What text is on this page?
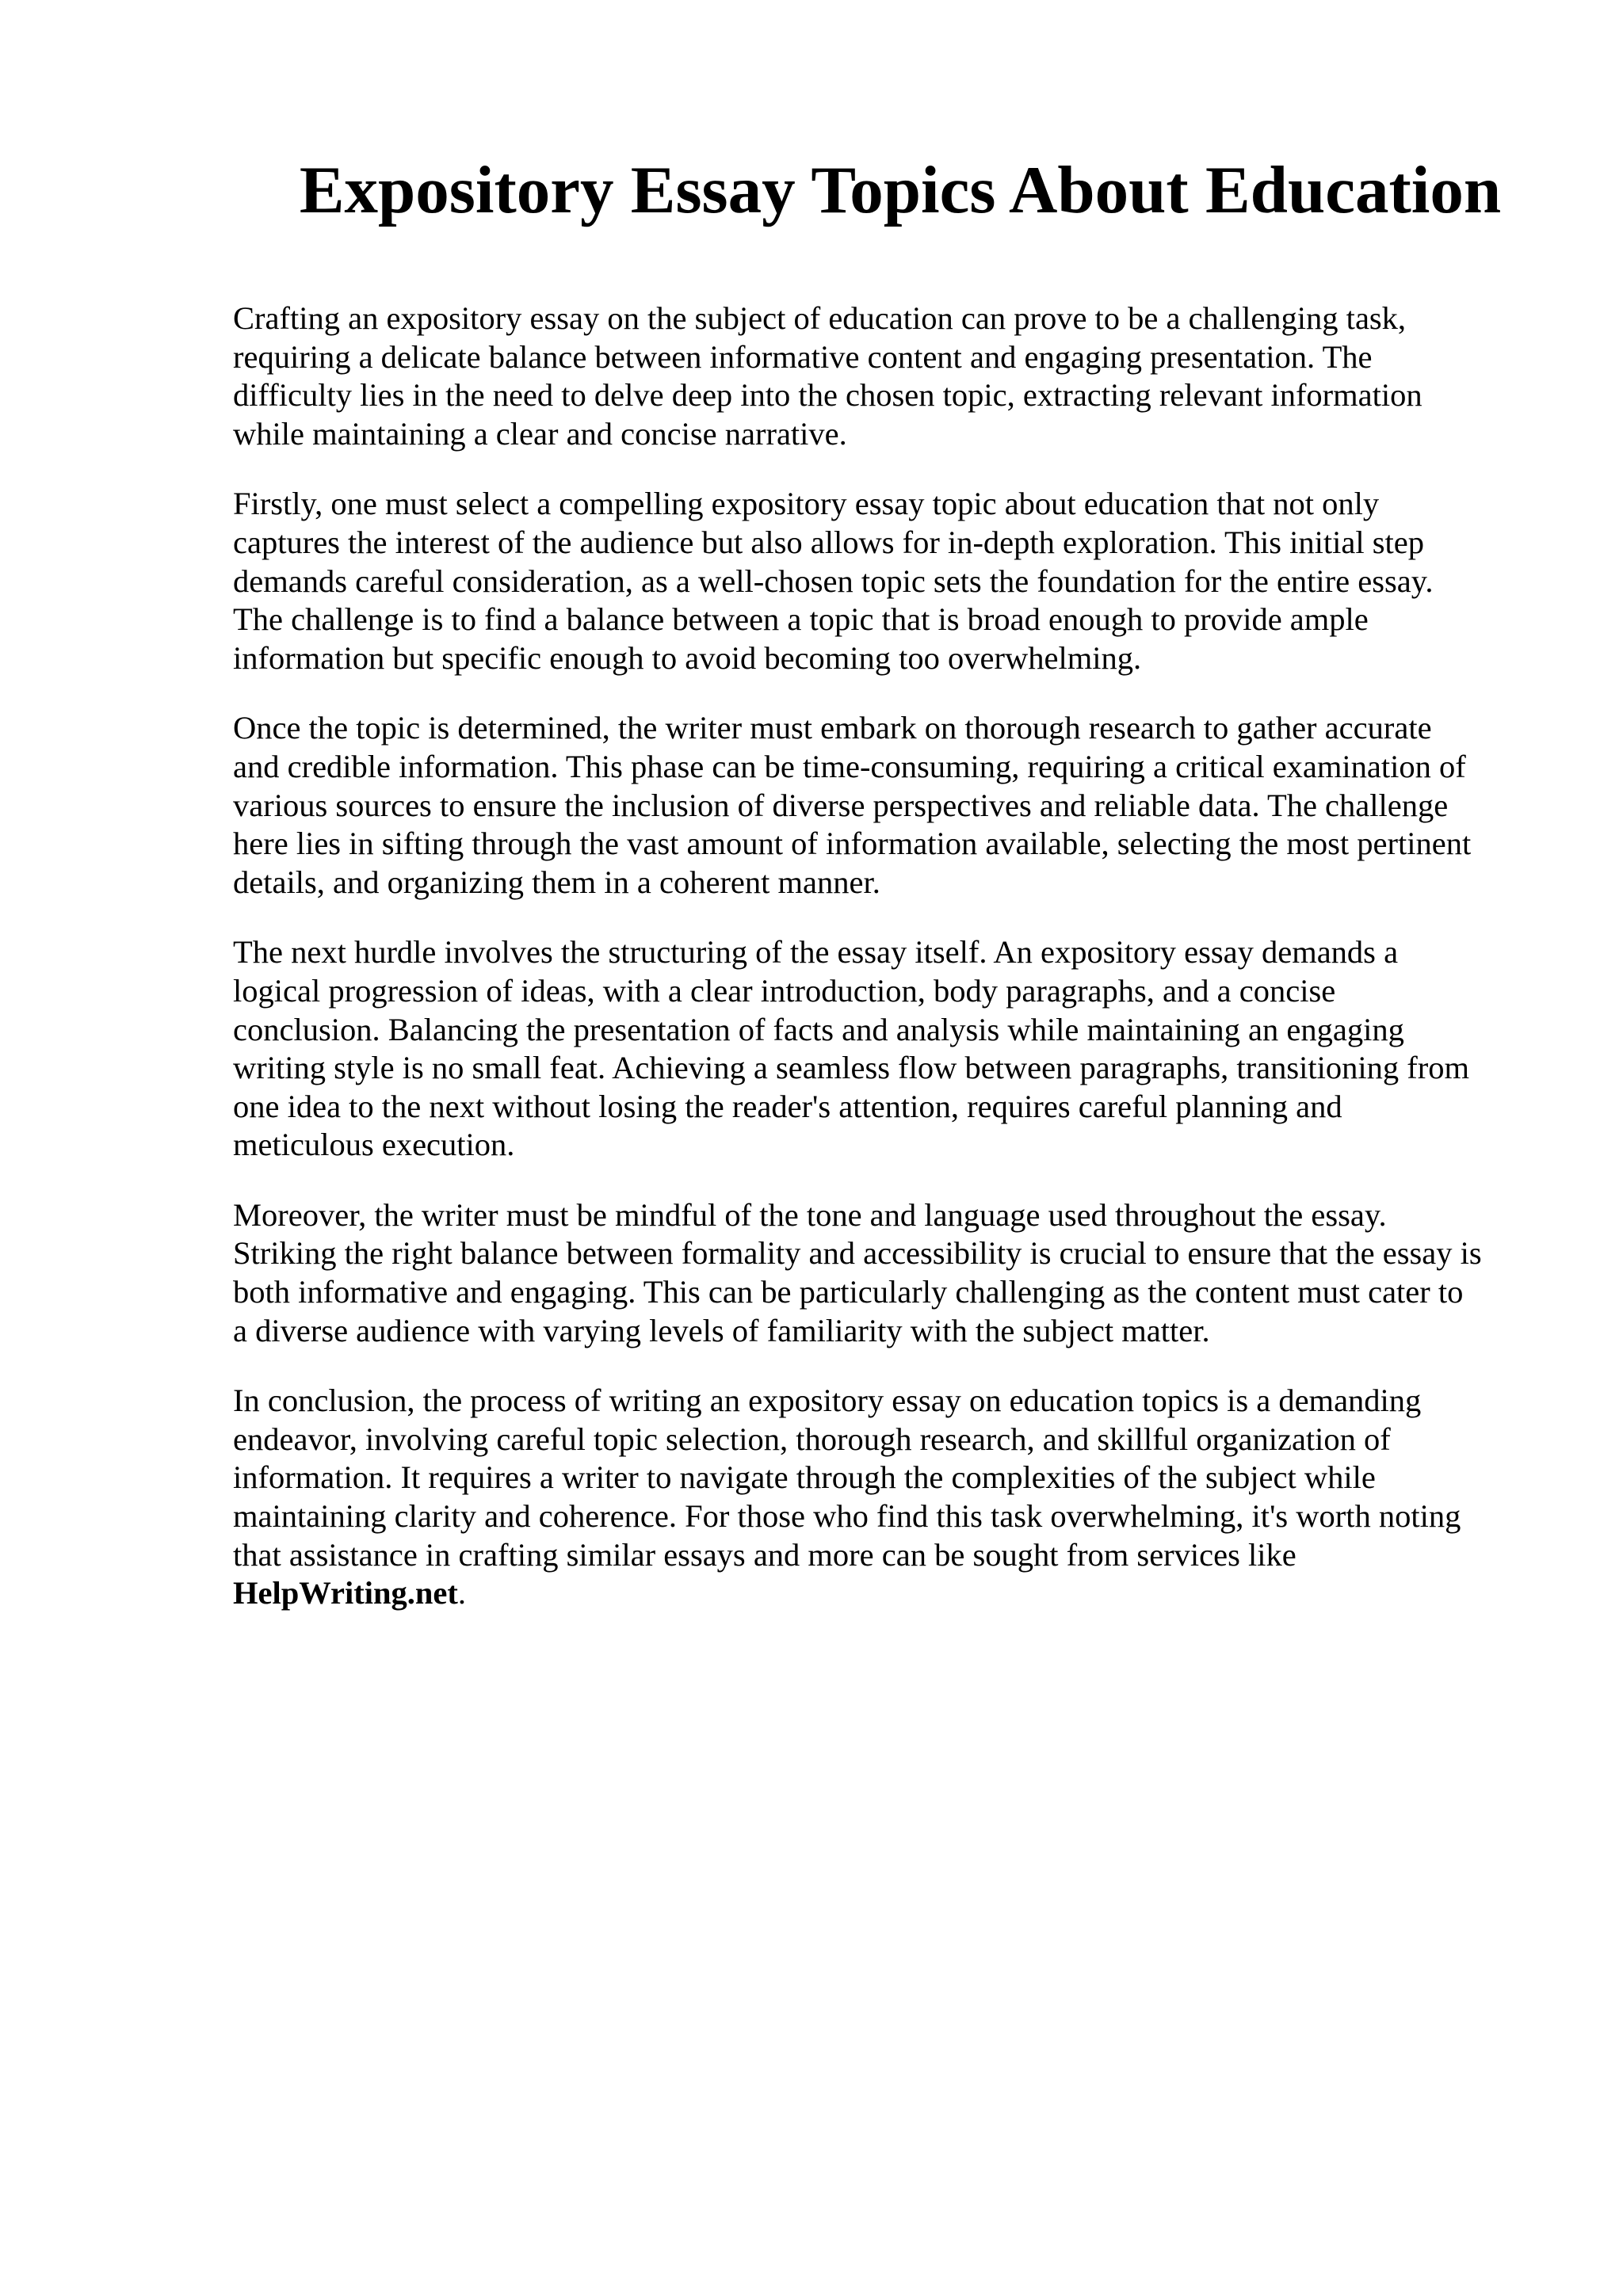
Expository Essay Topics About Education

Crafting an expository essay on the subject of education can prove to be a challenging task,
requiring a delicate balance between informative content and engaging presentation. The
difficulty lies in the need to delve deep into the chosen topic, extracting relevant information
while maintaining a clear and concise narrative.

Firstly, one must select a compelling expository essay topic about education that not only
captures the interest of the audience but also allows for in-depth exploration. This initial step
demands careful consideration, as a well-chosen topic sets the foundation for the entire essay.
The challenge is to find a balance between a topic that is broad enough to provide ample
information but specific enough to avoid becoming too overwhelming.

Once the topic is determined, the writer must embark on thorough research to gather accurate
and credible information. This phase can be time-consuming, requiring a critical examination of
various sources to ensure the inclusion of diverse perspectives and reliable data. The challenge
here lies in sifting through the vast amount of information available, selecting the most pertinent
details, and organizing them in a coherent manner.

The next hurdle involves the structuring of the essay itself. An expository essay demands a
logical progression of ideas, with a clear introduction, body paragraphs, and a concise
conclusion. Balancing the presentation of facts and analysis while maintaining an engaging
writing style is no small feat. Achieving a seamless flow between paragraphs, transitioning from
one idea to the next without losing the reader's attention, requires careful planning and
meticulous execution.

Moreover, the writer must be mindful of the tone and language used throughout the essay.
Striking the right balance between formality and accessibility is crucial to ensure that the essay is
both informative and engaging. This can be particularly challenging as the content must cater to
a diverse audience with varying levels of familiarity with the subject matter.

In conclusion, the process of writing an expository essay on education topics is a demanding
endeavor, involving careful topic selection, thorough research, and skillful organization of
information. It requires a writer to navigate through the complexities of the subject while
maintaining clarity and coherence. For those who find this task overwhelming, it's worth noting
that assistance in crafting similar essays and more can be sought from services like
HelpWriting.net.
